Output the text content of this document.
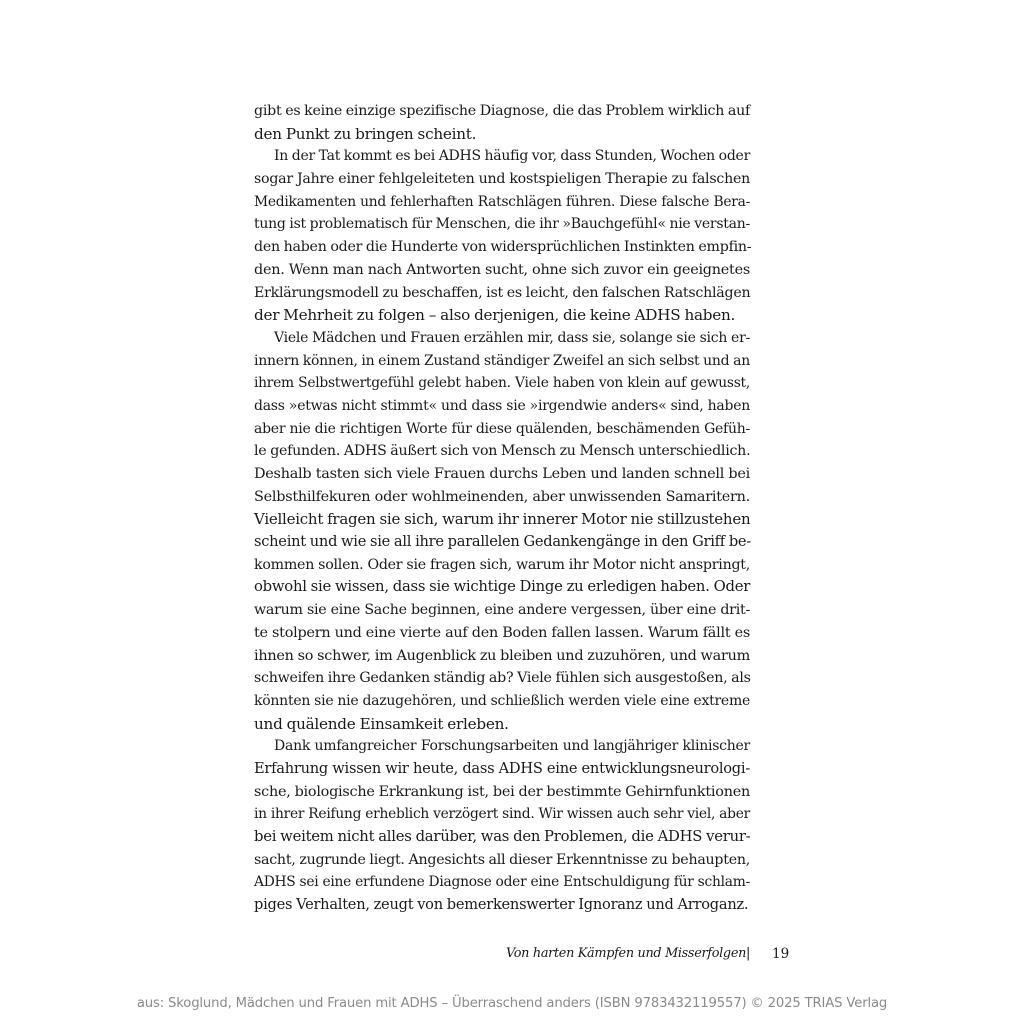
gibt es keine einzige spezifische Diagnose, die das Problem wirklich auf
den Punkt zu bringen scheint.
In der Tat kommt es bei ADHS häufig vor, dass Stunden, Wochen oder
sogar Jahre einer fehlgeleiteten und kostspieligen Therapie zu falschen
Medikamenten und fehlerhaften Ratschlägen führen. Diese falsche Bera-
tung ist problematisch für Menschen, die ihr »Bauchgefühl« nie verstan-
den haben oder die Hunderte von widersprüchlichen Instinkten empfin-
den. Wenn man nach Antworten sucht, ohne sich zuvor ein geeignetes
Erklärungsmodell zu beschaffen, ist es leicht, den falschen Ratschlägen
der Mehrheit zu folgen – also derjenigen, die keine ADHS haben.
Viele Mädchen und Frauen erzählen mir, dass sie, solange sie sich er-
innern können, in einem Zustand ständiger Zweifel an sich selbst und an
ihrem Selbstwertgefühl gelebt haben. Viele haben von klein auf gewusst,
dass »etwas nicht stimmt« und dass sie »irgendwie anders« sind, haben
aber nie die richtigen Worte für diese quälenden, beschämenden Gefüh-
le gefunden. ADHS äußert sich von Mensch zu Mensch unterschiedlich.
Deshalb tasten sich viele Frauen durchs Leben und landen schnell bei
Selbsthilfekuren oder wohlmeinenden, aber unwissenden Samaritern.
Vielleicht fragen sie sich, warum ihr innerer Motor nie stillzustehen
scheint und wie sie all ihre parallelen Gedankengänge in den Griff be-
kommen sollen. Oder sie fragen sich, warum ihr Motor nicht anspringt,
obwohl sie wissen, dass sie wichtige Dinge zu erledigen haben. Oder
warum sie eine Sache beginnen, eine andere vergessen, über eine drit-
te stolpern und eine vierte auf den Boden fallen lassen. Warum fällt es
ihnen so schwer, im Augenblick zu bleiben und zuzuhören, und warum
schweifen ihre Gedanken ständig ab? Viele fühlen sich ausgestoßen, als
könnten sie nie dazugehören, und schließlich werden viele eine extreme
und quälende Einsamkeit erleben.
Dank umfangreicher Forschungsarbeiten und langjähriger klinischer
Erfahrung wissen wir heute, dass ADHS eine entwicklungsneurologi-
sche, biologische Erkrankung ist, bei der bestimmte Gehirnfunktionen
in ihrer Reifung erheblich verzögert sind. Wir wissen auch sehr viel, aber
bei weitem nicht alles darüber, was den Problemen, die ADHS verur-
sacht, zugrunde liegt. Angesichts all dieser Erkenntnisse zu behaupten,
ADHS sei eine erfundene Diagnose oder eine Entschuldigung für schlam-
piges Verhalten, zeugt von bemerkenswerter Ignoranz und Arroganz.
Von harten Kämpfen und Misserfolgen | 19
aus: Skoglund, Mädchen und Frauen mit ADHS – Überraschend anders (ISBN 9783432119557) © 2025 TRIAS Verlag
